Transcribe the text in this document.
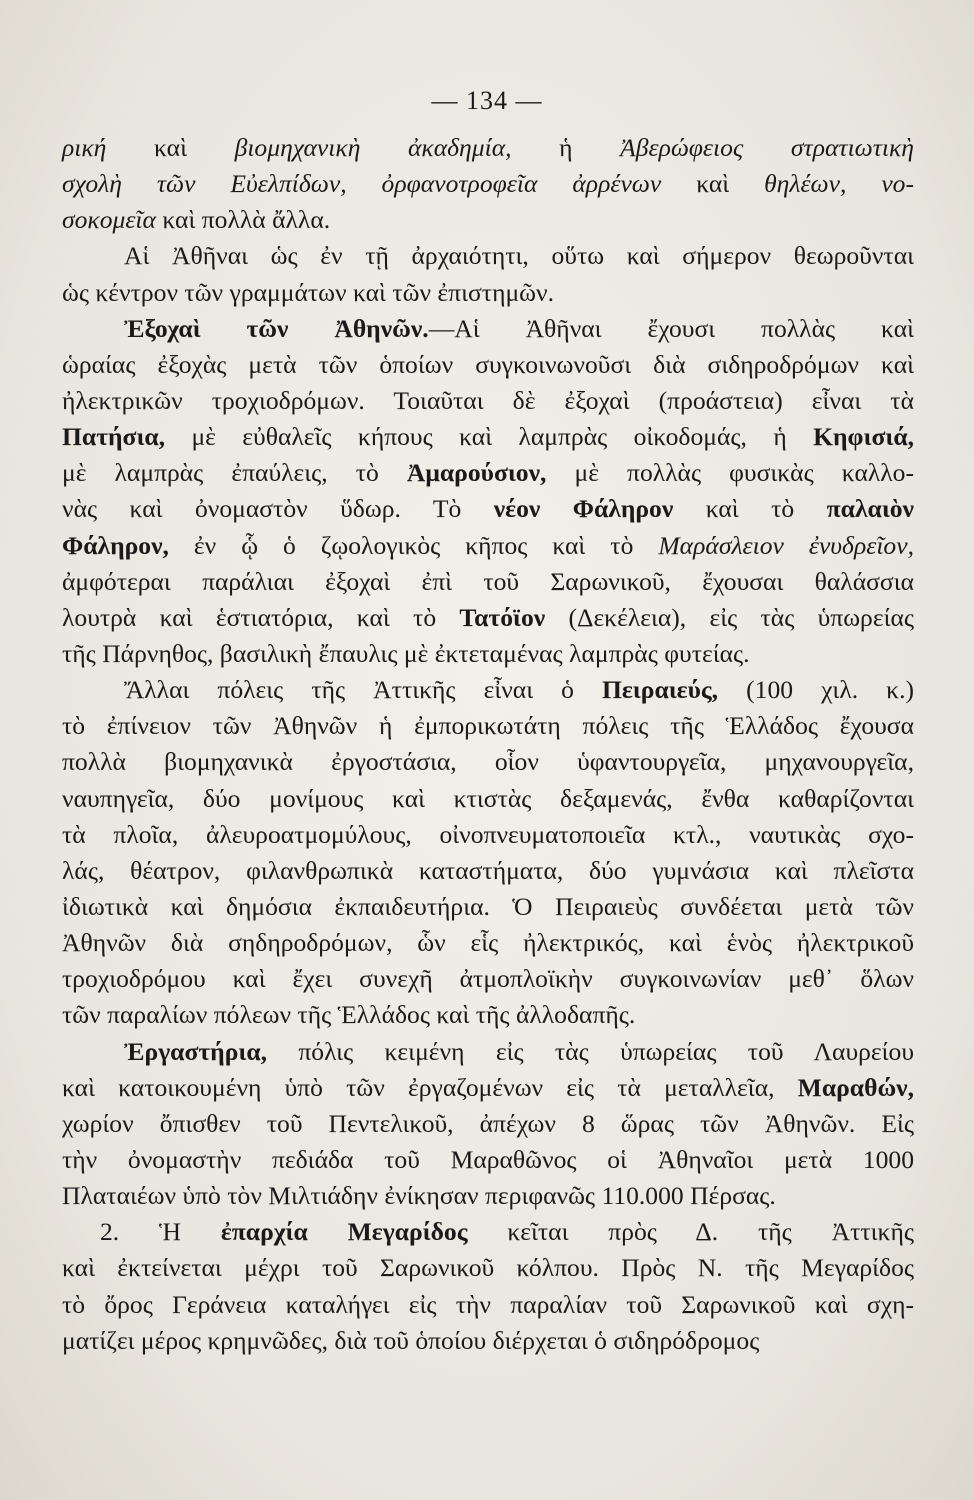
— 134 —
ρική καὶ βιομηχανικὴ ἀκαδημία, ἡ Ἀβερώφειος στρατιωτικὴ
σχολὴ τῶν Εὐελπίδων, ὀρφανοτροφεῖα ἀρρένων καὶ θηλέων, νο-
σοκομεῖα καὶ πολλὰ ἄλλα.
Αἱ Ἀθῆναι ὡς ἐν τῇ ἀρχαιότητι, οὕτω καὶ σήμερον θεωροῦνται
ὡς κέντρον τῶν γραμμάτων καὶ τῶν ἐπιστημῶν.
Ἐξοχαὶ τῶν Ἀθηνῶν.—Αἱ Ἀθῆναι ἔχουσι πολλὰς καὶ
ὡραίας ἐξοχὰς μετὰ τῶν ὁποίων συγκοινωνοῦσι διὰ σιδηροδρόμων καὶ
ἠλεκτρικῶν τροχιοδρόμων. Τοιαῦται δὲ ἐξοχαὶ (προάστεια) εἶναι τὰ
Πατήσια, μὲ εὐθαλεῖς κήπους καὶ λαμπρὰς οἰκοδομάς, ἡ Κηφισιά,
μὲ λαμπρὰς ἐπαύλεις, τὸ Ἀμαρούσιον, μὲ πολλὰς φυσικὰς καλλο-
νὰς καὶ ὀνομαστὸν ὕδωρ. Τὸ νέον Φάληρον καὶ τὸ παλαιὸν
Φάληρον, ἐν ᾧ ὁ ζῳολογικὸς κῆπος καὶ τὸ Μαράσλειον ἐνυδρεῖον,
ἀμφότεραι παράλιαι ἐξοχαὶ ἐπὶ τοῦ Σαρωνικοῦ, ἔχουσαι θαλάσσια
λουτρὰ καὶ ἑστιατόρια, καὶ τὸ Τατόϊον (Δεκέλεια), εἰς τὰς ὑπωρείας
τῆς Πάρνηθος, βασιλικὴ ἔπαυλις μὲ ἐκτεταμένας λαμπρὰς φυτείας.
Ἄλλαι πόλεις τῆς Ἀττικῆς εἶναι ὁ Πειραιεύς, (100 χιλ. κ.)
τὸ ἐπίνειον τῶν Ἀθηνῶν ἡ ἐμπορικωτάτη πόλεις τῆς Ἑλλάδος ἔχουσα
πολλὰ βιομηχανικὰ ἐργοστάσια, οἷον ὑφαντουργεῖα, μηχανουργεῖα,
ναυπηγεῖα, δύο μονίμους καὶ κτιστὰς δεξαμενάς, ἔνθα καθαρίζονται
τὰ πλοῖα, ἀλευροατμομύλους, οἰνοπνευματοποιεῖα κτλ., ναυτικὰς σχο-
λάς, θέατρον, φιλανθρωπικὰ καταστήματα, δύο γυμνάσια καὶ πλεῖστα
ἰδιωτικὰ καὶ δημόσια ἐκπαιδευτήρια. Ὁ Πειραιεὺς συνδέεται μετὰ τῶν
Ἀθηνῶν διὰ σηδηροδρόμων, ὧν εἷς ἠλεκτρικός, καὶ ἑνὸς ἠλεκτρικοῦ
τροχιοδρόμου καὶ ἔχει συνεχῆ ἀτμοπλοϊκὴν συγκοινωνίαν μεθ᾽ ὅλων
τῶν παραλίων πόλεων τῆς Ἑλλάδος καὶ τῆς ἀλλοδαπῆς.
Ἐργαστήρια, πόλις κειμένη εἰς τὰς ὑπωρείας τοῦ Λαυρείου
καὶ κατοικουμένη ὑπὸ τῶν ἐργαζομένων εἰς τὰ μεταλλεῖα, Μαραθών,
χωρίον ὄπισθεν τοῦ Πεντελικοῦ, ἀπέχων 8 ὥρας τῶν Ἀθηνῶν. Εἰς
τὴν ὀνομαστὴν πεδιάδα τοῦ Μαραθῶνος οἱ Ἀθηναῖοι μετὰ 1000
Πλαταιέων ὑπὸ τὸν Μιλτιάδην ἐνίκησαν περιφανῶς 110.000 Πέρσας.
2. Ἡ ἐπαρχία Μεγαρίδος κεῖται πρὸς Δ. τῆς Ἀττικῆς
καὶ ἐκτείνεται μέχρι τοῦ Σαρωνικοῦ κόλπου. Πρὸς Ν. τῆς Μεγαρίδος
τὸ ὄρος Γεράνεια καταλήγει εἰς τὴν παραλίαν τοῦ Σαρωνικοῦ καὶ σχη-
ματίζει μέρος κρημνῶδες, διὰ τοῦ ὁποίου διέρχεται ὁ σιδηρόδρομος
